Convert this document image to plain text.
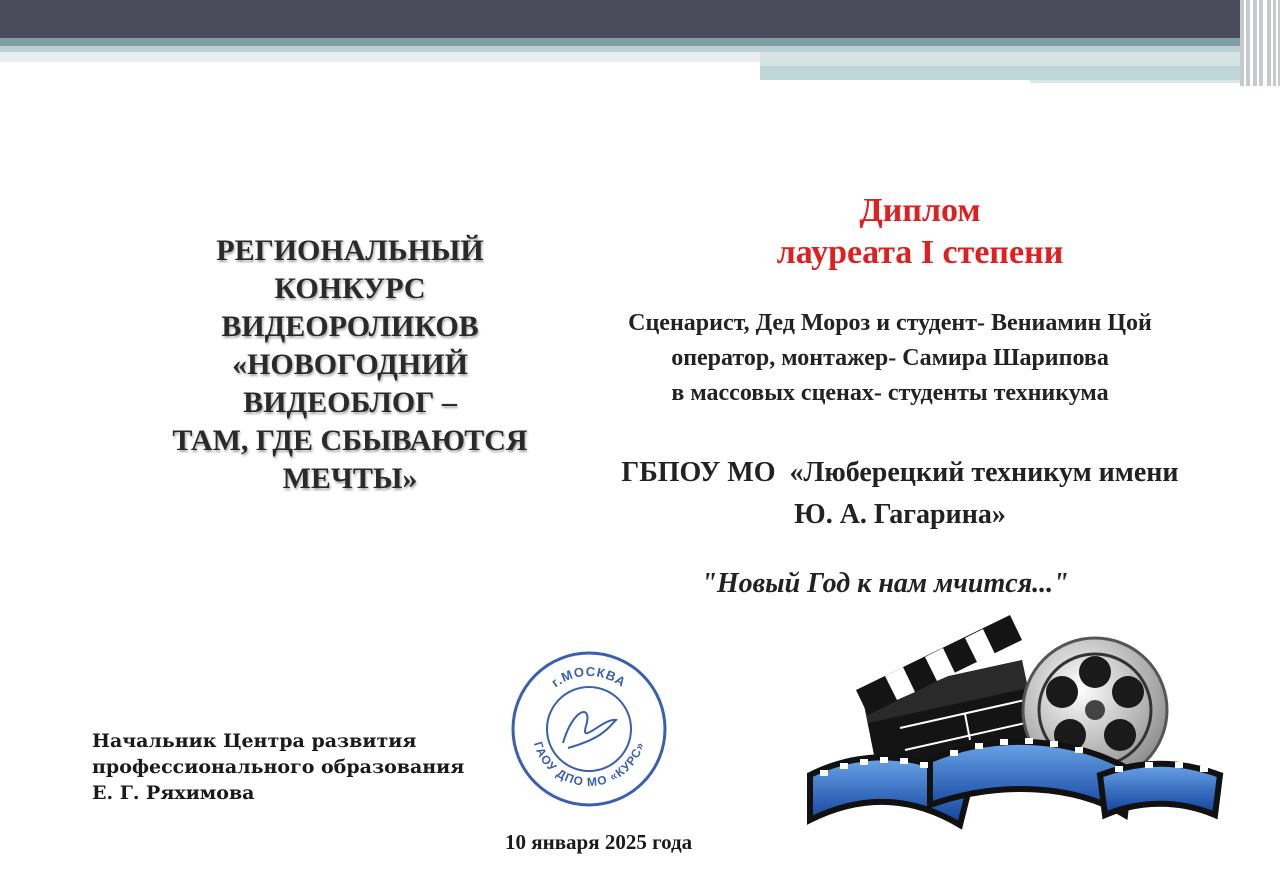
РЕГИОНАЛЬНЫЙ
КОНКУРС
ВИДЕОРОЛИКОВ
«НОВОГОДНИЙ
ВИДЕОБЛОГ –
ТАМ, ГДЕ СБЫВАЮТСЯ
МЕЧТЫ»
Диплом
лауреата I степени
Сценарист, Дед Мороз и студент- Вениамин Цой
оператор, монтажер- Самира Шарипова
в массовых сценах- студенты техникума
ГБПОУ МО  «Люберецкий техникум имени
Ю. А. Гагарина»
"Новый Год к нам мчится..."
г.МОСКВА
ГАОУ ДПО МО «КУРС»
Начальник Центра развития
профессионального образования
Е. Г. Ряхимова
10 января 2025 года
